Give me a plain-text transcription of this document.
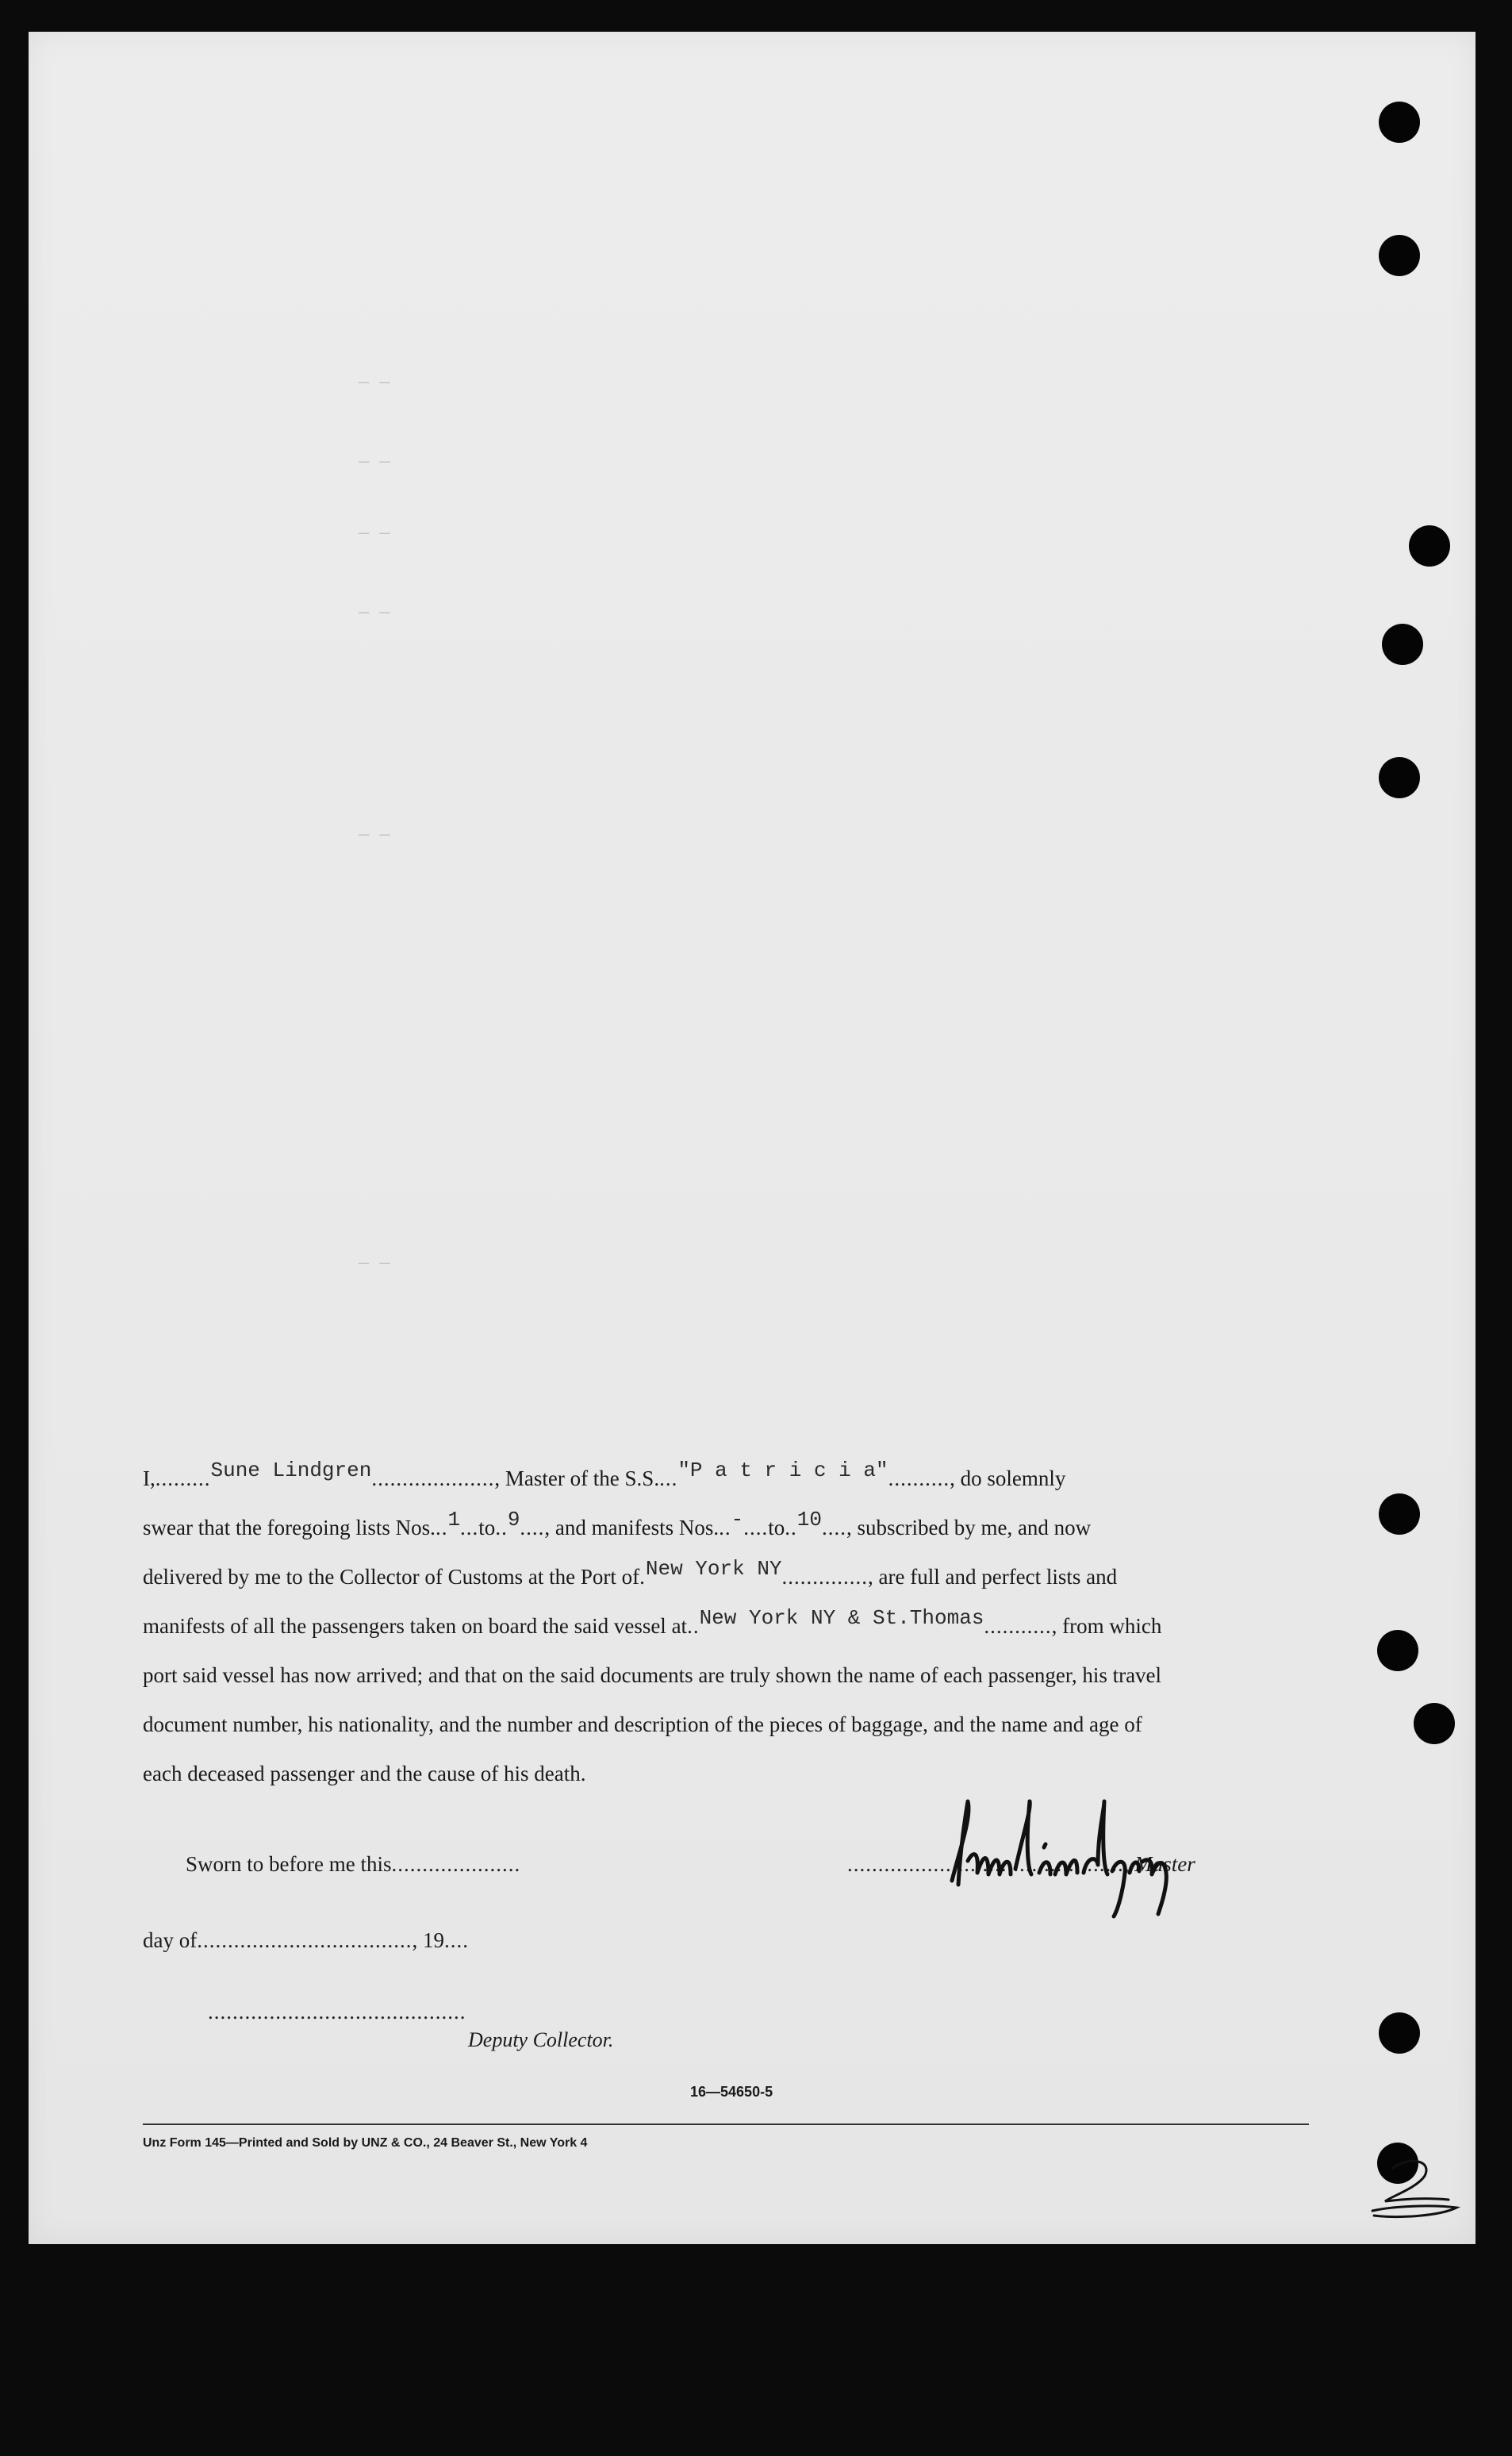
— —
— —
— —
— —
— —
— —
I,.........Sune Lindgren...................., Master of the S.S...."P a t r i c i a".........., do solemnly
swear that the foregoing lists Nos...1...to..9...., and manifests Nos...-....to..10...., subscribed by me, and now
delivered by me to the Collector of Customs at the Port of.New York NY.............., are full and perfect lists and
manifests of all the passengers taken on board the said vessel at..New York NY & St.Thomas..........., from which
port said vessel has now arrived; and that on the said documents are truly shown the name of each passenger, his travel
document number, his nationality, and the number and description of the pieces of baggage, and the name and age of
each deceased passenger and the cause of his death.
Sworn to before me this.....................
day of..................................., 19....
..........................................
Deputy Collector.
............................................., Master
16—54650-5
Unz Form 145—Printed and Sold by UNZ & CO., 24 Beaver St., New York 4
